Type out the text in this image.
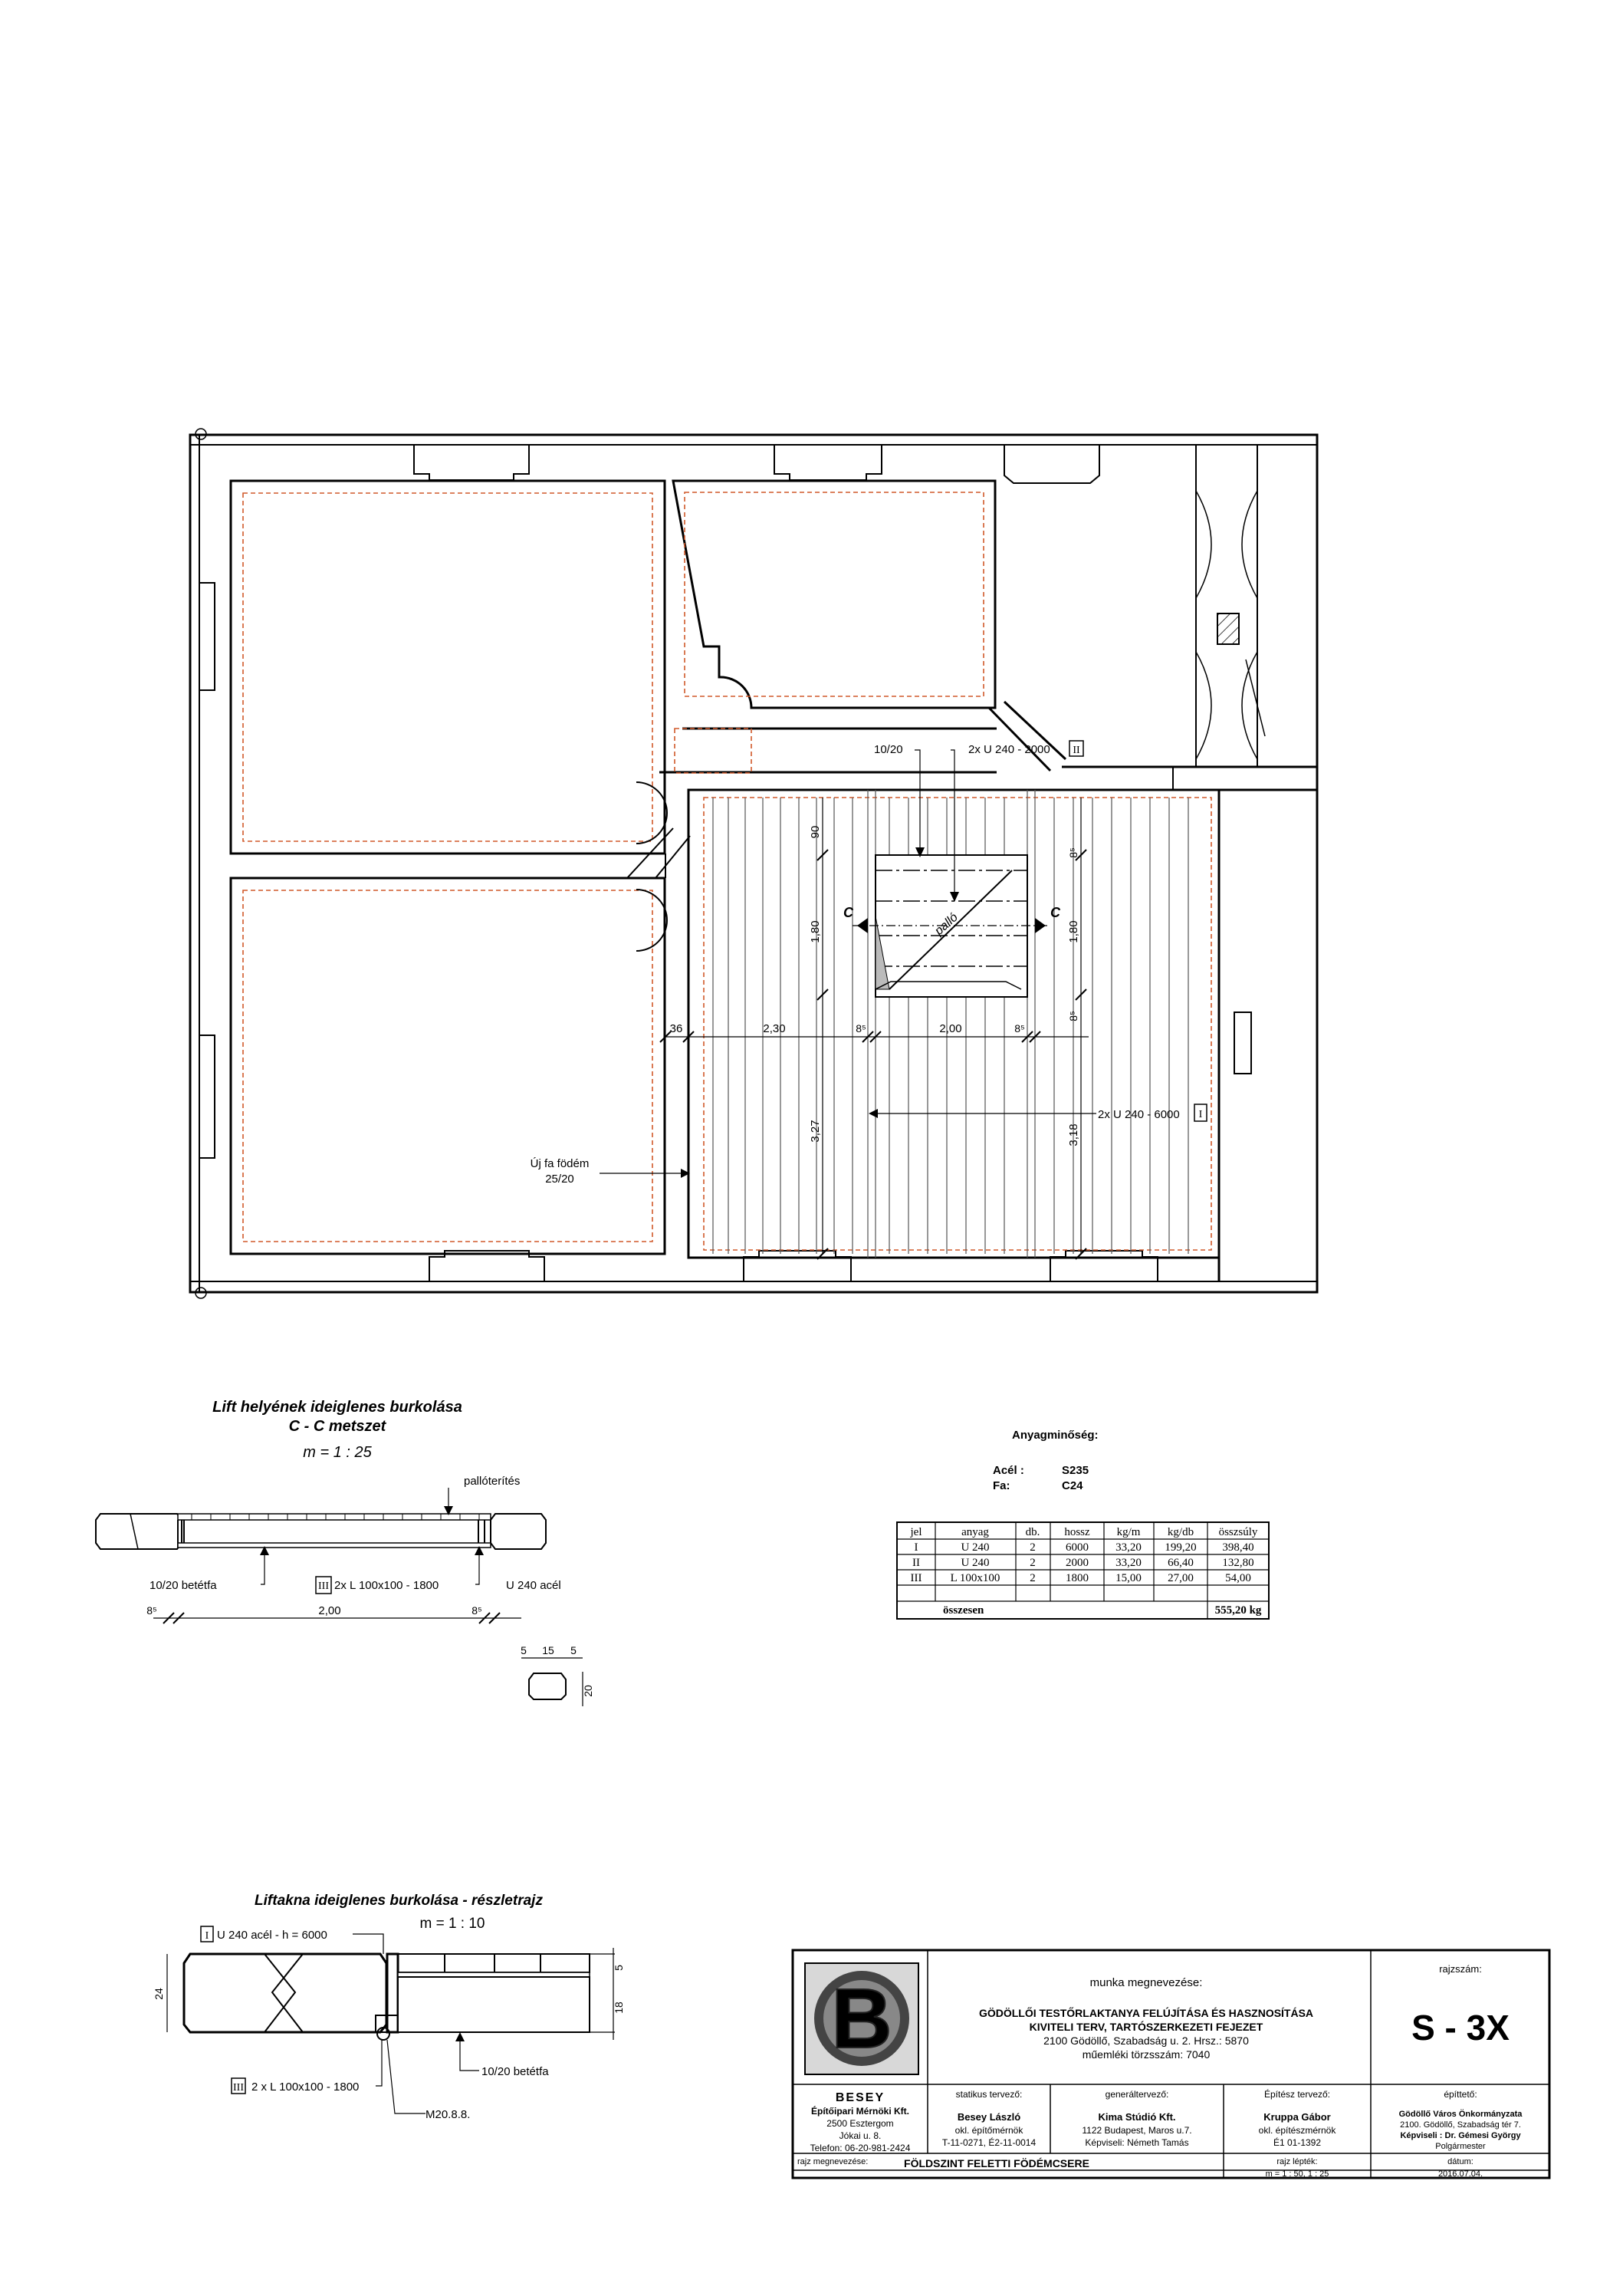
C	C
palló
90
1,80
3,27
8⁵
1,80
8⁵
3,18
36	2,30	8⁵	2,00	8⁵
10/20	2x U 240 - 2000 II
2x U 240 - 6000 I
Új fa födém
25/20
Lift helyének ideiglenes burkolása
C - C metszet
m = 1 : 25
pallóterítés
10/20 betétfa	III 2x L 100x100 - 1800	U 240 acél
8⁵	2,00	8⁵
5 15 5
20
Anyagminőség:
Acél :	S235
Fa:	C24
jel	anyag	db. hossz kg/m kg/db összsúly
I	U 240	2	6000 33,20 199,20 398,40
II	U 240	2	2000 33,20 66,40	132,80
III L 100x100	2	1800 15,00 27,00	54,00
összesen	555,20 kg
Liftakna ideiglenes burkolása - részletrajz
m = 1 : 10
5
18
24
I U 240 acél - h = 6000
III 2 x L 100x100 - 1800
M20.8.8.
10/20 betétfa
B	munka megnevezése:
GÖDÖLLŐI TESTŐRLAKTANYA FELÚJÍTÁSA ÉS HASZNOSÍTÁSA
KIVITELI TERV, TARTÓSZERKEZETI FEJEZET
2100 Gödöllő, Szabadság u. 2. Hrsz.: 5870
műemléki törzsszám: 7040
rajzszám:
S - 3X
BESEY
Építőipari Mérnöki Kft.
2500 Esztergom
Jókai u. 8.
Telefon: 06-20-981-2424
statikus tervező:
Besey László
okl. építőmérnök
T-11-0271, É2-11-0014
generáltervező:
Kima Stúdió Kft.
1122 Budapest, Maros u.7.
Képviseli: Németh Tamás
Építész tervező:
Kruppa Gábor
okl. építészmérnök
É1 01-1392
építtető:
Gödöllő Város Önkormányzata
2100. Gödöllő, Szabadság tér 7.
Képviseli : Dr. Gémesi György
Polgármester
rajz megnevezése:	FÖLDSZINT FELETTI FÖDÉMCSERE	rajz lépték:
m = 1 : 50, 1 : 25
dátum:
2016.07.04.
